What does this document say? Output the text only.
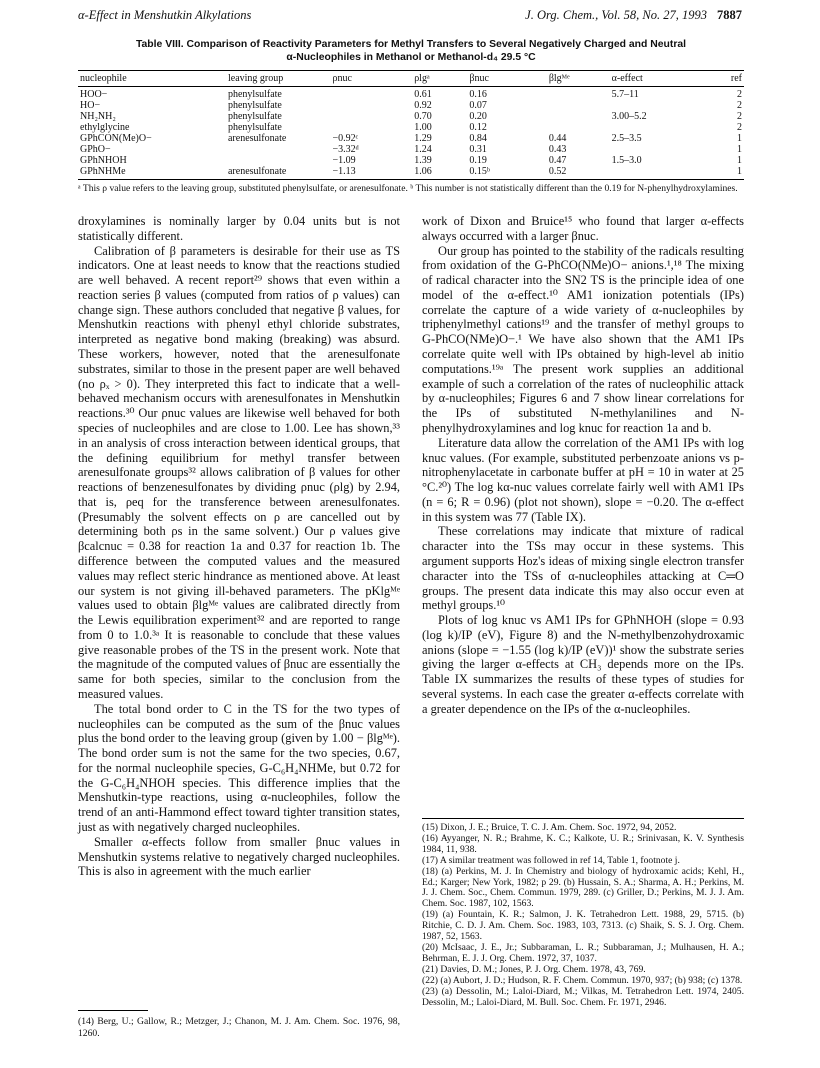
α-Effect in Menshutkin Alkylations	J. Org. Chem., Vol. 58, No. 27, 1993 7887
Table VIII. Comparison of Reactivity Parameters for Methyl Transfers to Several Negatively Charged and Neutral
α-Nucleophiles in Methanol or Methanol-d₄ 29.5 °C
nucleophile	leaving group	ρnuc	ρlgᵃ	βnuc	βlgᴹᵉ	α-effect	ref
HOO−	phenylsulfate		0.61	0.16		5.7–11	2
HO−	phenylsulfate		0.92	0.07			2
NH₂NH₂	phenylsulfate		0.70	0.20		3.00–5.2	2
ethylglycine	phenylsulfate		1.00	0.12			2
GPhCON(Me)O−	arenesulfonate	−0.92ᶜ	1.29	0.84	0.44	2.5–3.5	1
GPhO−		−3.32ᵈ	1.24	0.31	0.43		1
GPhNHOH		−1.09	1.39	0.19	0.47	1.5–3.0	1
GPhNHMe	arenesulfonate	−1.13	1.06	0.15ᵇ	0.52		1
ᵃ This ρ value refers to the leaving group, substituted phenylsulfate, or arenesulfonate. ᵇ This number is not statistically different than the 0.19 for N-phenylhydroxylamines.

droxylamines is nominally larger by 0.04 units but is not statistically different.

Calibration of β parameters is desirable for their use as TS indicators. One at least needs to know that the reactions studied are well behaved. A recent report²⁹ shows that even within a reaction series β values (computed from ratios of ρ values) can change sign. These authors concluded that negative β values, for Menshutkin reactions with phenyl ethyl chloride substrates, interpreted as negative bond making (breaking) was absurd. These workers, however, noted that the arenesulfonate substrates, similar to those in the present paper are well behaved (no ρₓ > 0). They interpreted this fact to indicate that a well-behaved mechanism occurs with arenesulfonates in Menshutkin reactions.³⁰ Our ρnuc values are likewise well behaved for both species of nucleophiles and are close to 1.00. Lee has shown,³³ in an analysis of cross interaction between identical groups, that the defining equilibrium for methyl transfer between arenesulfonate groups³² allows calibration of β values for other reactions of benzenesulfonates by dividing ρnuc (ρlg) by 2.94, that is, ρeq for the transference between arenesulfonates. (Presumably the solvent effects on ρ are cancelled out by determining both ρs in the same solvent.) Our ρ values give βcalcnuc = 0.38 for reaction 1a and 0.37 for reaction 1b. The difference between the computed values and the measured values may reflect steric hindrance as mentioned above. At least our system is not giving ill-behaved parameters. The pKlgᴹᵉ values used to obtain βlgᴹᵉ values are calibrated directly from the Lewis equilibration experiment³² and are reported to range from 0 to 1.0.³ᵃ It is reasonable to conclude that these values give reasonable probes of the TS in the present work. Note that the magnitude of the computed values of βnuc are essentially the same for both species, similar to the conclusion from the measured values.

The total bond order to C in the TS for the two types of nucleophiles can be computed as the sum of the βnuc values plus the bond order to the leaving group (given by 1.00 − βlgᴹᵉ). The bond order sum is not the same for the two species, 0.67, for the normal nucleophile species, G-C₆H₄NHMe, but 0.72 for the G-C₆H₄NHOH species. This difference implies that the Menshutkin-type reactions, using α-nucleophiles, follow the trend of an anti-Hammond effect toward tighter transition states, just as with negatively charged nucleophiles.

Smaller α-effects follow from smaller βnuc values in Menshutkin systems relative to negatively charged nucleophiles. This is also in agreement with the much earlier

(14) Berg, U.; Gallow, R.; Metzger, J.; Chanon, M. J. Am. Chem. Soc. 1976, 98, 1260.

work of Dixon and Bruice¹⁵ who found that larger α-effects always occurred with a larger βnuc.

Our group has pointed to the stability of the radicals resulting from oxidation of the G-PhCO(NMe)O− anions.¹,¹⁸ The mixing of radical character into the SN2 TS is the principle idea of one model of the α-effect.¹⁰ AM1 ionization potentials (IPs) correlate the capture of a wide variety of α-nucleophiles by triphenylmethyl cations¹⁹ and the transfer of methyl groups to G-PhCO(NMe)O−.¹ We have also shown that the AM1 IPs correlate quite well with IPs obtained by high-level ab initio computations.¹⁹ᵃ The present work supplies an additional example of such a correlation of the rates of nucleophilic attack by α-nucleophiles; Figures 6 and 7 show linear correlations for the IPs of substituted N-methylanilines and N-phenylhydroxylamines and log knuc for reaction 1a and b.

Literature data allow the correlation of the AM1 IPs with log knuc values. (For example, substituted perbenzoate anions vs p-nitrophenylacetate in carbonate buffer at pH = 10 in water at 25 °C.²⁰) The log kα-nuc values correlate fairly well with AM1 IPs (n = 6; R = 0.96) (plot not shown), slope = −0.20. The α-effect in this system was 77 (Table IX).

These correlations may indicate that mixture of radical character into the TSs may occur in these systems. This argument supports Hoz's ideas of mixing single electron transfer character into the TSs of α-nucleophiles attacking at C═O groups. The present data indicate this may also occur even at methyl groups.¹⁰

Plots of log knuc vs AM1 IPs for GPhNHOH (slope = 0.93 (log k)/IP (eV), Figure 8) and the N-methylbenzohydroxamic anions (slope = −1.55 (log k)/IP (eV))¹ show the substrate series giving the larger α-effects at CH₃ depends more on the IPs. Table IX summarizes the results of these types of studies for several systems. In each case the greater α-effects correlate with a greater dependence on the IPs of the α-nucleophiles.

(15) Dixon, J. E.; Bruice, T. C. J. Am. Chem. Soc. 1972, 94, 2052.

(16) Ayyanger, N. R.; Brahme, K. C.; Kalkote, U. R.; Srinivasan, K. V. Synthesis 1984, 11, 938.

(17) A similar treatment was followed in ref 14, Table 1, footnote j.

(18) (a) Perkins, M. J. In Chemistry and biology of hydroxamic acids; Kehl, H., Ed.; Karger; New York, 1982; p 29. (b) Hussain, S. A.; Sharma, A. H.; Perkins, M. J. J. Chem. Soc., Chem. Commun. 1979, 289. (c) Griller, D.; Perkins, M. J. J. Am. Chem. Soc. 1987, 102, 1563.

(19) (a) Fountain, K. R.; Salmon, J. K. Tetrahedron Lett. 1988, 29, 5715. (b) Ritchie, C. D. J. Am. Chem. Soc. 1983, 103, 7313. (c) Shaik, S. S. J. Org. Chem. 1987, 52, 1563.

(20) McIsaac, J. E., Jr.; Subbaraman, L. R.; Subbaraman, J.; Mulhausen, H. A.; Behrman, E. J. J. Org. Chem. 1972, 37, 1037.

(21) Davies, D. M.; Jones, P. J. Org. Chem. 1978, 43, 769.

(22) (a) Aubort, J. D.; Hudson, R. F. Chem. Commun. 1970, 937; (b) 938; (c) 1378.

(23) (a) Dessolin, M.; Laloi-Diard, M.; Vilkas, M. Tetrahedron Lett. 1974, 2405. Dessolin, M.; Laloi-Diard, M. Bull. Soc. Chem. Fr. 1971, 2946.
